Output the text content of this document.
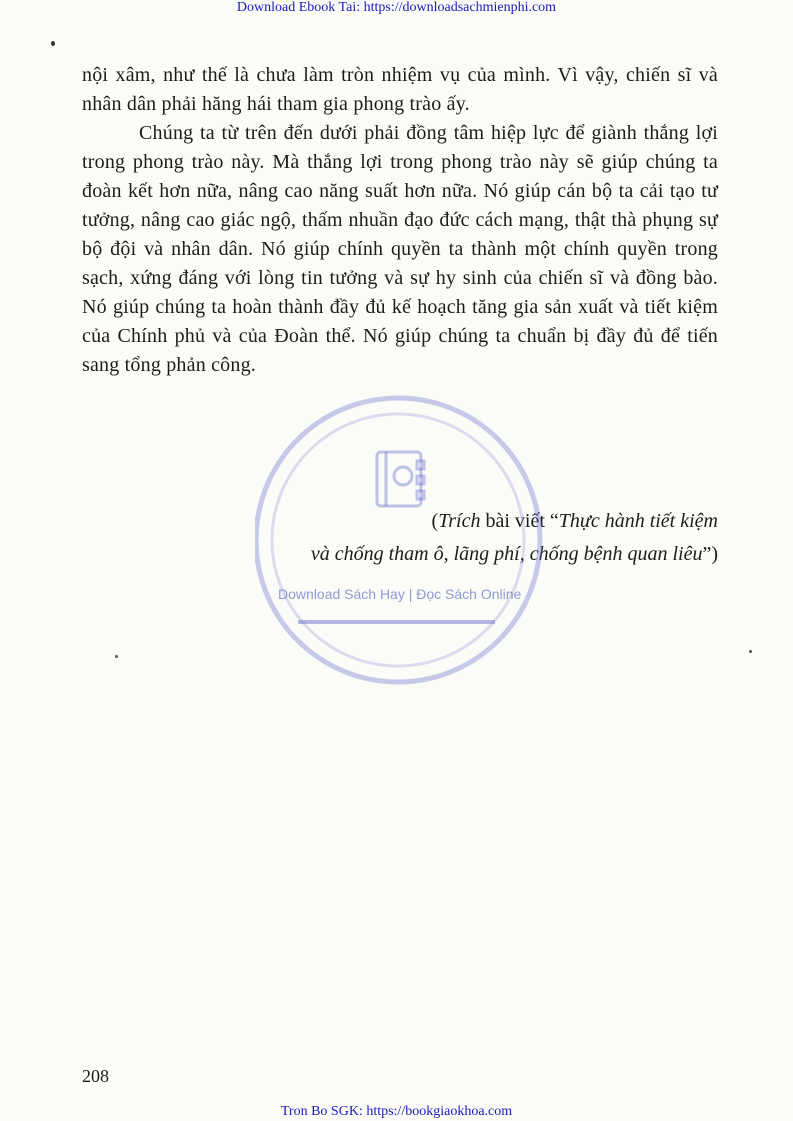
Download Ebook Tai: https://downloadsachmienphi.com

nội xâm, như thế là chưa làm tròn nhiệm vụ của mình. Vì vậy, chiến sĩ và nhân dân phải hăng hái tham gia phong trào ấy.

Chúng ta từ trên đến dưới phải đồng tâm hiệp lực để giành thắng lợi trong phong trào này. Mà thắng lợi trong phong trào này sẽ giúp chúng ta đoàn kết hơn nữa, nâng cao năng suất hơn nữa. Nó giúp cán bộ ta cải tạo tư tưởng, nâng cao giác ngộ, thấm nhuần đạo đức cách mạng, thật thà phụng sự bộ đội và nhân dân. Nó giúp chính quyền ta thành một chính quyền trong sạch, xứng đáng với lòng tin tưởng và sự hy sinh của chiến sĩ và đồng bào. Nó giúp chúng ta hoàn thành đầy đủ kế hoạch tăng gia sản xuất và tiết kiệm của Chính phủ và của Đoàn thể. Nó giúp chúng ta chuẩn bị đầy đủ để tiến sang tổng phản công.

(Trích bài viết “Thực hành tiết kiệm
và chống tham ô, lãng phí, chống bệnh quan liêu”)
Download Sách Hay | Đọc Sách Online
208
Tron Bo SGK: https://bookgiaokhoa.com
